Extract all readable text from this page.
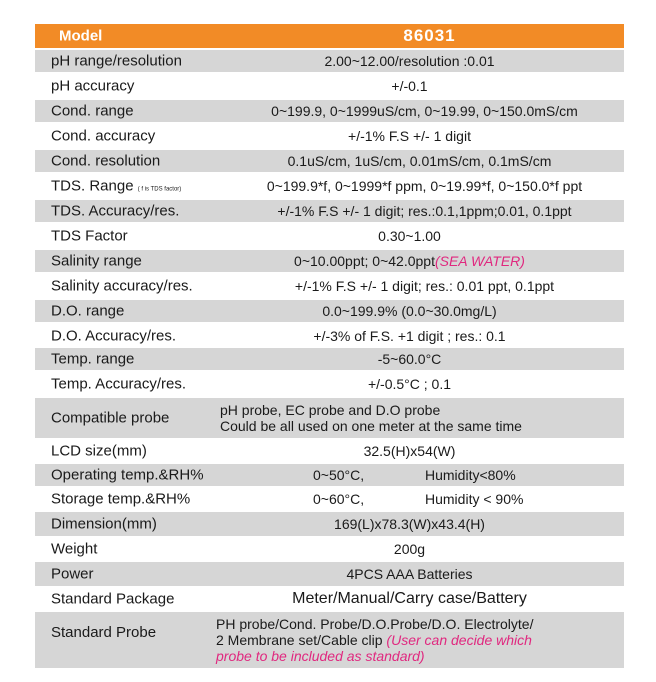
Model	86031
pH range/resolution	2.00~12.00/resolution :0.01
pH accuracy	+/-0.1
Cond. range	0~199.9, 0~1999uS/cm, 0~19.99, 0~150.0mS/cm
Cond. accuracy	+/-1% F.S +/- 1 digit
Cond. resolution	0.1uS/cm, 1uS/cm, 0.01mS/cm, 0.1mS/cm
TDS. Range ( f is TDS factor)	0~199.9*f, 0~1999*f ppm, 0~19.99*f, 0~150.0*f ppt
TDS. Accuracy/res.	+/-1% F.S +/- 1 digit; res.:0.1,1ppm;0.01, 0.1ppt
TDS Factor	0.30~1.00
Salinity range	0~10.00ppt; 0~42.0ppt(SEA WATER)
Salinity accuracy/res.	+/-1% F.S +/- 1 digit; res.: 0.01 ppt, 0.1ppt
D.O. range	0.0~199.9% (0.0~30.0mg/L)
D.O. Accuracy/res.	+/-3% of F.S. +1 digit ; res.: 0.1
Temp. range	-5~60.0°C
Temp. Accuracy/res.	+/-0.5°C ; 0.1
Compatible probe	pH probe, EC probe and D.O probe
Could be all used on one meter at the same time
LCD size(mm)	32.5(H)x54(W)
Operating temp.&RH%	0~50°C,	Humidity<80%
Storage temp.&RH%	0~60°C,	Humidity < 90%
Dimension(mm)	169(L)x78.3(W)x43.4(H)
Weight	200g
Power	4PCS AAA Batteries
Standard Package	Meter/Manual/Carry case/Battery
Standard Probe	PH probe/Cond. Probe/D.O.Probe/D.O. Electrolyte/
2 Membrane set/Cable clip (User can decide which
probe to be included as standard)
